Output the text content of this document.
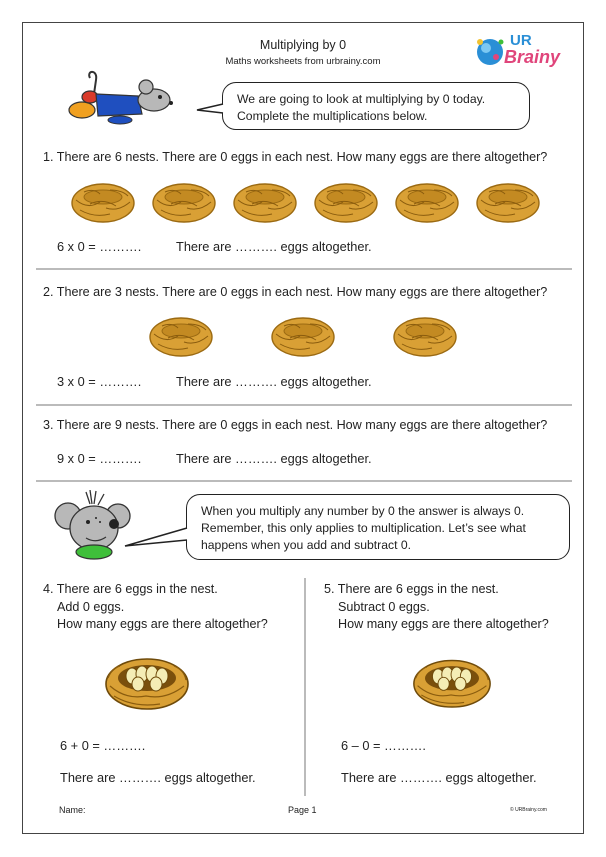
Multiplying by 0
Maths worksheets from urbrainy.com
UR
Brainy
We are going to look at multiplying by 0 today.
Complete the multiplications below.
1. There are 6 nests. There are 0 eggs in each nest. How many eggs are there altogether?
6 x 0 = ……….	There are ………. eggs altogether.
2. There are 3 nests. There are 0 eggs in each nest. How many eggs are there altogether?
3 x 0 = ……….	There are ………. eggs altogether.
3. There are 9 nests. There are 0 eggs in each nest. How many eggs are there altogether?
9 x 0 = ……….	There are ………. eggs altogether.
When you multiply any number by 0 the answer is always 0.
Remember, this only applies to multiplication. Let’s see what
happens when you add and subtract 0.
4. There are 6 eggs in the nest.
Add 0 eggs.
How many eggs are there altogether?
6 + 0 = ……….
There are ………. eggs altogether.
5. There are 6 eggs in the nest.
Subtract 0 eggs.
How many eggs are there altogether?
6 – 0 = ……….
There are ………. eggs altogether.
Name:	Page 1	© URBrainy.com
